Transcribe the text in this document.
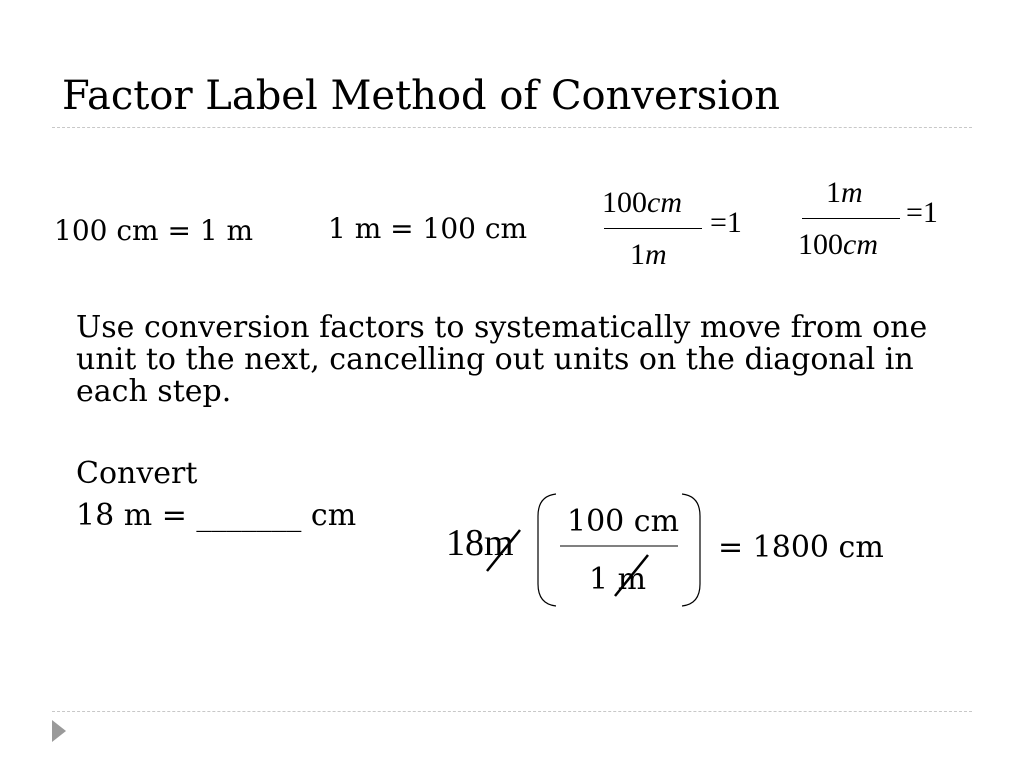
Factor Label Method of Conversion
100 cm = 1 m	1 m = 100 cm
100cm
1m
=1
1m
100cm
=1
Use conversion factors to systematically move from one unit to the next, cancelling out units on the diagonal in each step.
Convert
18 m = _______ cm
18m
100 cm
1 m
= 1800 cm
